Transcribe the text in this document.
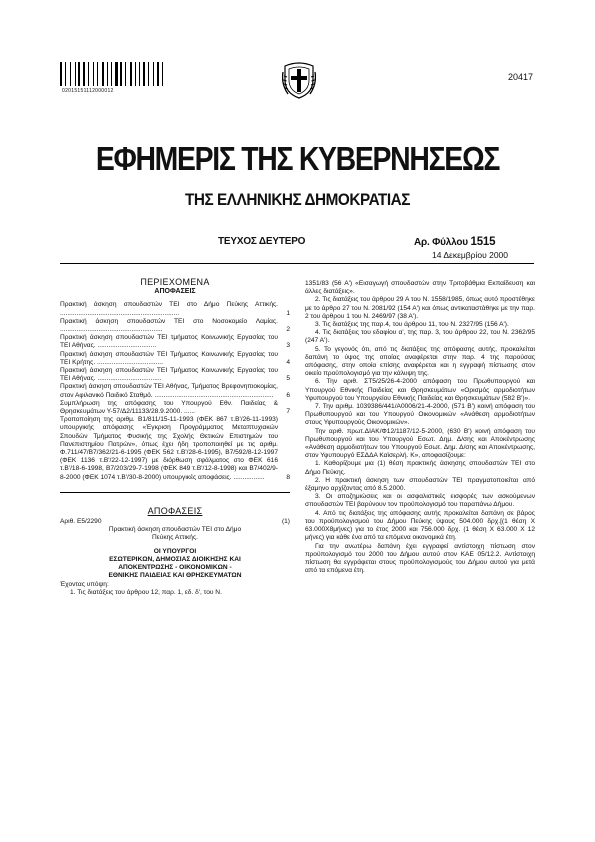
02015151112000012
20417
ΕΦΗΜΕΡΙΣ ΤΗΣ ΚΥΒΕΡΝΗΣΕΩΣ
ΤΗΣ ΕΛΛΗΝΙΚΗΣ ΔΗΜΟΚΡΑΤΙΑΣ
ΤΕΥΧΟΣ ΔΕΥΤΕΡΟ	Αρ. Φύλλου 1515
14 Δεκεμβρίου 2000
ΠΕΡΙΕΧΟΜΕΝΑ
ΑΠΟΦΑΣΕΙΣ
Πρακτική άσκηση σπουδαστών ΤΕΙ στο Δήμο Πεύκης Αττικής. .................................................................	1
Πρακτική άσκηση σπουδαστών ΤΕΙ στο Νοσοκομείο Λαμίας. ........................................................	2
Πρακτική άσκηση σπουδαστών ΤΕΙ τμήματος Κοινωνικής Εργασίας του ΤΕΙ Αθήνας. ................................	3
Πρακτική άσκηση σπουδαστών ΤΕΙ Τμήματος Κοινωνικής Εργασίας του ΤΕΙ Κρήτης. ....................................	4
Πρακτική άσκηση σπουδαστών ΤΕΙ Τμήματος Κοινωνικής Εργασίας του ΤΕΙ Αθήνας. ...................................	5
Πρακτική άσκηση σπουδαστών ΤΕΙ Αθήνας, Τμήματος Βρεφονηπιοκομίας, στον Αφιλανικό Παιδικό Σταθμό. .................................................................	6
Συμπλήρωση της απόφασης του Υπουργού Εθν. Παιδείας & Θρησκευμάτων Υ-57/Δ2/11133/28.9.2000. ......	7
Τροποποίηση της αριθμ. Β1/811/15-11-1993 (ΦΕΚ 867 τ.Β'/26-11-1993) υπουργικής απόφασης «Έγκριση Προγράμματος Μεταπτυχιακών Σπουδών Τμήματος Φυσικής της Σχολής Θετικών Επιστημών του Πανεπιστημίου Πατρών», όπως έχει ήδη τροποποιηθεί με τις αριθμ. Φ.711/47/Β7/362/21-6-1995 (ΦΕΚ 562 τ.Β'/28-6-1995), Β7/592/8-12-1997 (ΦΕΚ 1136 τ.Β'/22-12-1997) με διόρθωση σφάλματος στο ΦΕΚ 616 τ.Β'/18-6-1998, Β7/203/29-7-1998 (ΦΕΚ 849 τ.Β'/12-8-1998) και Β7/402/9-8-2000 (ΦΕΚ 1074 τ.Β'/30-8-2000) υπουργικές αποφάσεις. .................	8
ΑΠΟΦΑΣΕΙΣ
Αριθ. Ε5/2290	(1)

Πρακτική άσκηση σπουδαστών ΤΕΙ στο Δήμο Πεύκης Αττικής.

ΟΙ ΥΠΟΥΡΓΟΙ

ΕΣΩΤΕΡΙΚΩΝ, ΔΗΜΟΣΙΑΣ ΔΙΟΙΚΗΣΗΣ ΚΑΙ

ΑΠΟΚΕΝΤΡΩΣΗΣ - ΟΙΚΟΝΟΜΙΚΩΝ -

ΕΘΝΙΚΗΣ ΠΑΙΔΕΙΑΣ ΚΑΙ ΘΡΗΣΚΕΥΜΑΤΩΝ

Έχοντας υπόψη:

1. Τις διατάξεις του άρθρου 12, παρ. 1, εδ. δ', του Ν.

1351/83 (56 Α') «Εισαγωγή σπουδαστών στην Τριτοβάθμια Εκπαίδευση και άλλες διατάξεις».

2. Τις διατάξεις του άρθρου 29 Α του Ν. 1558/1985, όπως αυτό προστέθηκε με το άρθρο 27 του Ν. 2081/92 (154 Α') και όπως αντικαταστάθηκε με την παρ. 2 του άρθρου 1 του Ν. 2469/97 (38 Α').

3. Τις διατάξεις της παρ.4, του άρθρου 11, του Ν. 2327/95 (156 Α').

4. Τις διατάξεις του εδαφίου α', της παρ. 3, του άρθρου 22, του Ν. 2362/95 (247 Α').

5. Το γεγονός ότι, από τις διατάξεις της απόφασης αυτής, προκαλείται δαπάνη το ύψος της οποίας αναφέρεται στην παρ. 4 της παρούσας απόφασης, στην οποία επίσης αναφέρεται και η εγγραφή πίστωσης στον οικείο προϋπολογισμό για την κάλυψη της.

6. Την αριθ. ΣΤ5/25/26-4-2000 απόφαση του Πρωθυπουργού και Υπουργού Εθνικής Παιδείας και Θρησκευμάτων «Ορισμός αρμοδιοτήτων Υφυπουργού του Υπουργείου Εθνικής Παιδείας και Θρησκευμάτων (582 Β')».

7. Την αριθμ. 1039386/441/Α0006/21-4-2000, (571 Β') κοινή απόφαση του Πρωθυπουργού και του Υπουργού Οικονομικών «Ανάθεση αρμοδιοτήτων στους Υφυπουργούς Οικονομικών».

Την αριθ. πρωτ.ΔΙΑΚ/Φ12/1187/12-5-2000, (630 Β') κοινή απόφαση του Πρωθυπουργού και του Υπουργού Εσωτ. Δημ. Δ/σης και Αποκέντρωσης «Ανάθεση αρμοδιοτήτων του Υπουργού Εσωτ. Δημ. Δ/σης και Αποκέντρωσης, στον Υφυπουργό ΕΣΔΔΑ Καϊσερλή. Κ», αποφασίζουμε:

1. Καθορίζουμε μια (1) θέση πρακτικής άσκησης σπουδαστών ΤΕΙ στο Δήμο Πεύκης.

2. Η πρακτική άσκηση των σπουδαστών ΤΕΙ πραγματοποιείται από έξαμηνο αρχίζοντας από 8.5.2000.

3. Οι αποζημιώσεις και οι ασφαλιστικές εισφορές των ασκούμενων σπουδαστών ΤΕΙ βαρύνουν τον προϋπολογισμό του παραπάνω Δήμου.

4. Από τις διατάξεις της απόφασης αυτής προκαλείται δαπάνη σε βάρος του προϋπολογισμού του Δήμου Πεύκης ύψους 504.000 δρχ.[(1 θέση Χ 63.000Χ8μήνες) για το έτος 2000 και 756.000 δρχ. (1 θέση Χ 63.000 Χ 12 μήνες) για κάθε ένα από τα επόμενα οικονομικά έτη.

Για την ανωτέρω δαπάνη έχει εγγραφεί αντίστοιχη πίστωση στον προϋπολογισμό του 2000 του Δήμου αυτού στον ΚΑΕ 05/12.2. Αντίστοιχη πίστωση θα εγγράφεται στους προϋπολογισμούς του Δήμου αυτού για μετά από τα επόμενα έτη.
